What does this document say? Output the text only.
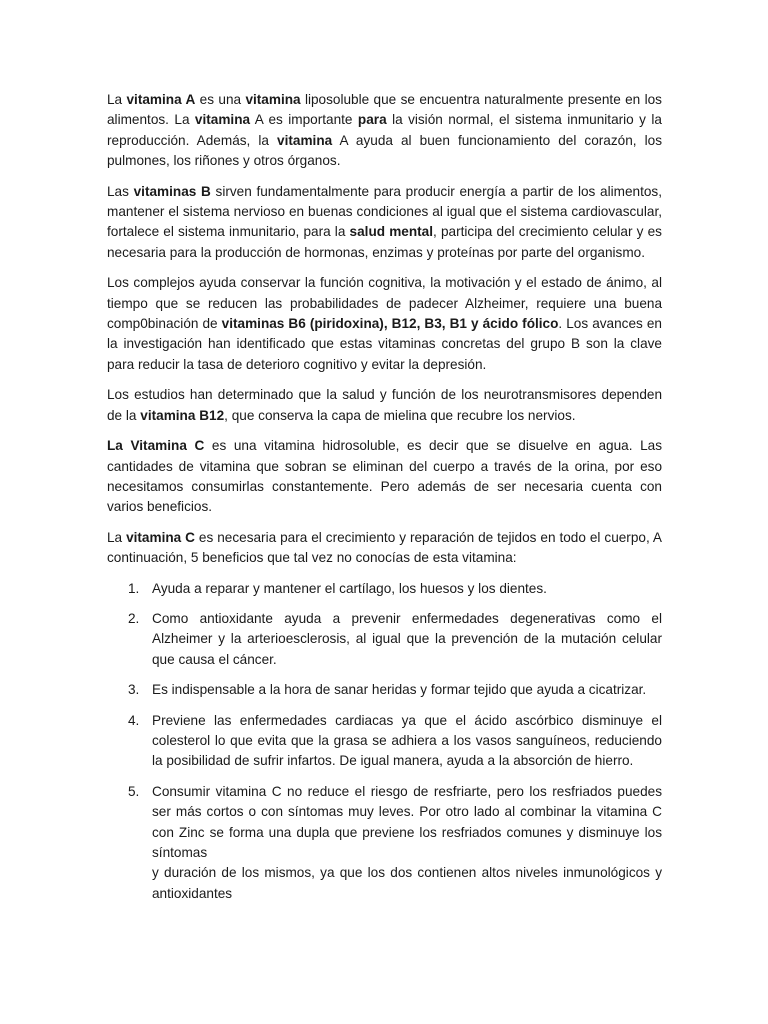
La vitamina A es una vitamina liposoluble que se encuentra naturalmente presente en los alimentos. La vitamina A es importante para la visión normal, el sistema inmunitario y la reproducción. Además, la vitamina A ayuda al buen funcionamiento del corazón, los pulmones, los riñones y otros órganos.

Las vitaminas B sirven fundamentalmente para producir energía a partir de los alimentos, mantener el sistema nervioso en buenas condiciones al igual que el sistema cardiovascular, fortalece el sistema inmunitario, para la salud mental, participa del crecimiento celular y es necesaria para la producción de hormonas, enzimas y proteínas por parte del organismo.

Los complejos ayuda conservar la función cognitiva, la motivación y el estado de ánimo, al tiempo que se reducen las probabilidades de padecer Alzheimer, requiere una buena comp0binación de vitaminas B6 (piridoxina), B12, B3, B1 y ácido fólico. Los avances en la investigación han identificado que estas vitaminas concretas del grupo B son la clave para reducir la tasa de deterioro cognitivo y evitar la depresión.

Los estudios han determinado que la salud y función de los neurotransmisores dependen de la vitamina B12, que conserva la capa de mielina que recubre los nervios.

La Vitamina C es una vitamina hidrosoluble, es decir que se disuelve en agua. Las cantidades de vitamina que sobran se eliminan del cuerpo a través de la orina, por eso necesitamos consumirlas constantemente. Pero además de ser necesaria cuenta con varios beneficios.

La vitamina C es necesaria para el crecimiento y reparación de tejidos en todo el cuerpo, A continuación, 5 beneficios que tal vez no conocías de esta vitamina:

1. Ayuda a reparar y mantener el cartílago, los huesos y los dientes.
2. Como antioxidante ayuda a prevenir enfermedades degenerativas como el Alzheimer y la arterioesclerosis, al igual que la prevención de la mutación celular que causa el cáncer.
3. Es indispensable a la hora de sanar heridas y formar tejido que ayuda a cicatrizar.
4. Previene las enfermedades cardiacas ya que el ácido ascórbico disminuye el colesterol lo que evita que la grasa se adhiera a los vasos sanguíneos, reduciendo la posibilidad de sufrir infartos. De igual manera, ayuda a la absorción de hierro.
5. Consumir vitamina C no reduce el riesgo de resfriarte, pero los resfriados puedes ser más cortos o con síntomas muy leves. Por otro lado al combinar la vitamina C con Zinc se forma una dupla que previene los resfriados comunes y disminuye los síntomas
y duración de los mismos, ya que los dos contienen altos niveles inmunológicos y antioxidantes
